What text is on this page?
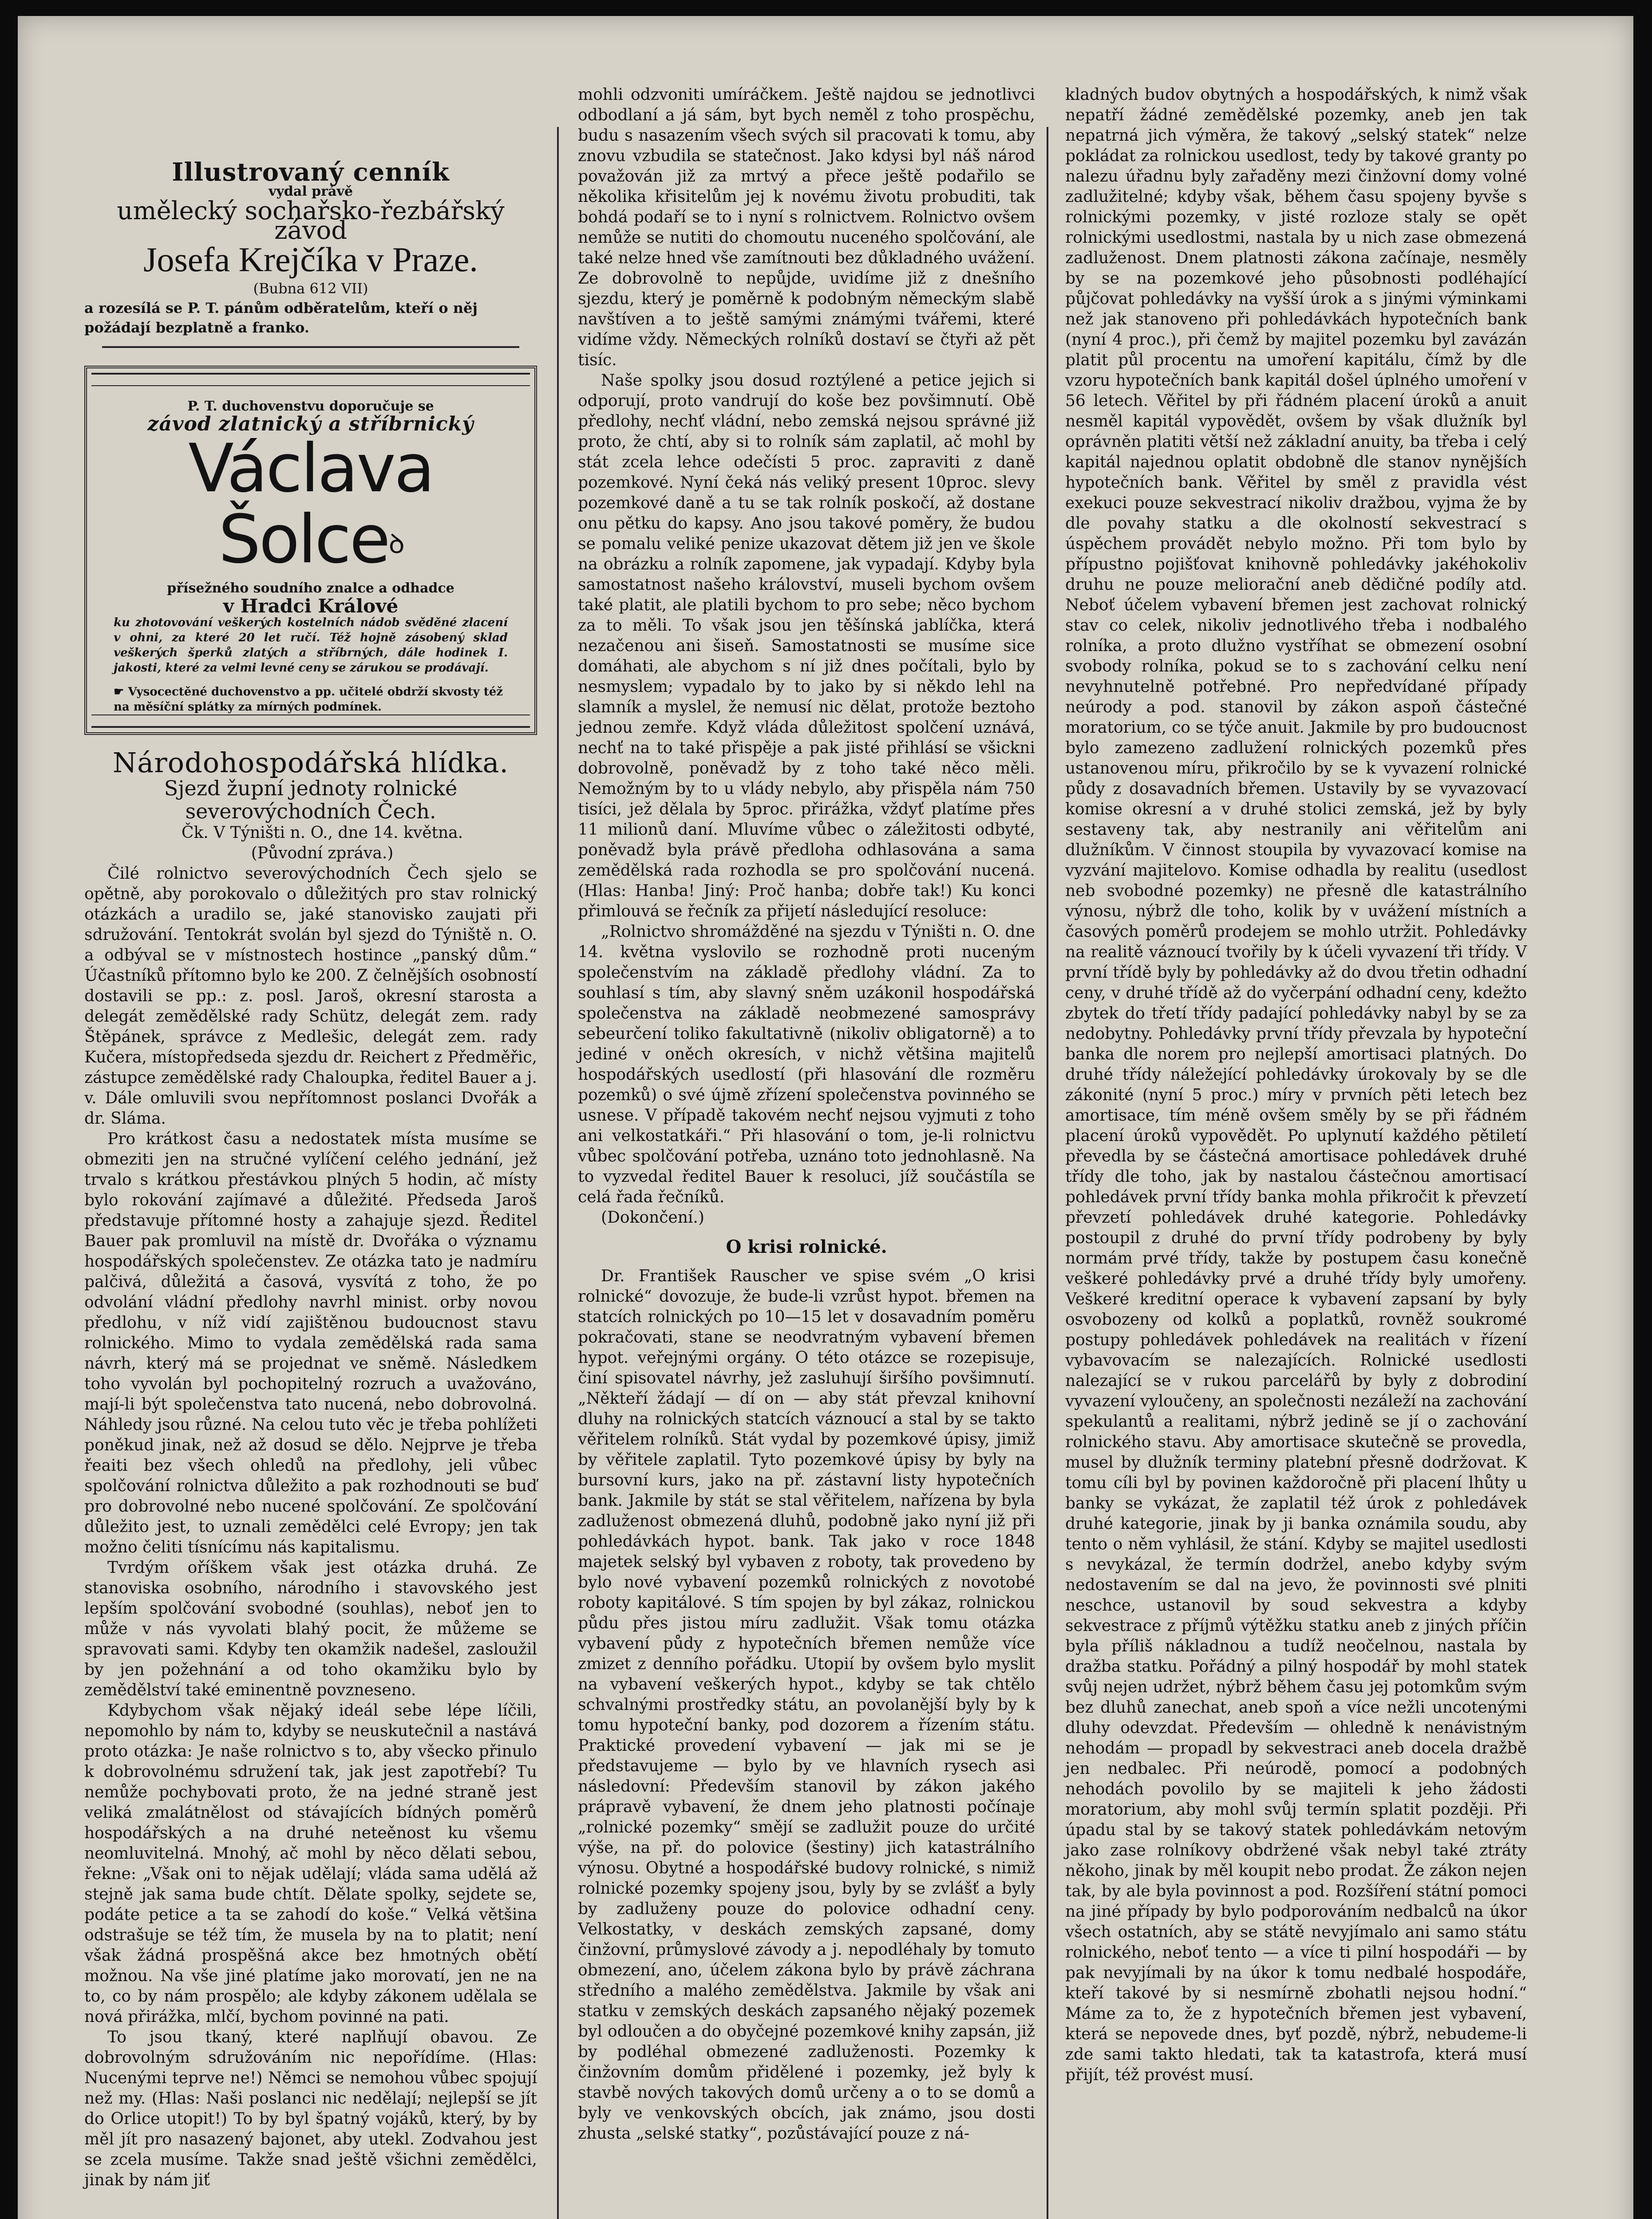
Illustrovaný cenník
vydal právě
umělecký sochařsko-řezbářský závod
Josefa Krejčíka v Praze.
(Bubna 612 VII)
a rozesílá se P. T. pánům odběratelům, kteří o něj požádají bezplatně a franko.
P. T. duchovenstvu doporučuje se
závod zlatnický a stříbrnický
Václava Šolceꝺ
přísežného soudního znalce a odhadce
v Hradci Králové
ku zhotovování veškerých kostelních nádob svěděné zlacení v ohni, za které 20 let ručí. Též hojně zásobený sklad veškerých šperků zlatých a stříbrných, dále hodinek I. jakosti, které za velmi levné ceny se zárukou se prodávají.
☛ Vysocectěné duchovenstvo a pp. učitelé obdrží skvosty též na měsíční splátky za mírných podmínek.
Národohospodářská hlídka.
Sjezd župní jednoty rolnické severovýchodních Čech.

Čk. V Týništi n. O., dne 14. května.

(Původní zpráva.)

Čilé rolnictvo severovýchodních Čech sjelo se opětně, aby porokovalo o důležitých pro stav rolnický otázkách a uradilo se, jaké stanovisko zaujati při sdružování. Tentokrát svolán byl sjezd do Týniště n. O. a odbýval se v místnostech hostince „panský dům.“ Účastníků přítomno bylo ke 200. Z čelnějších osobností dostavili se pp.: z. posl. Jaroš, okresní starosta a delegát zemědělské rady Schütz, delegát zem. rady Štěpánek, správce z Medlešic, delegát zem. rady Kučera, místopředseda sjezdu dr. Reichert z Předměřic, zástupce zemědělské rady Chaloupka, ředitel Bauer a j. v. Dále omluvili svou nepřítomnost poslanci Dvořák a dr. Sláma.

Pro krátkost času a nedostatek místa musíme se obmeziti jen na stručné vylíčení celého jednání, jež trvalo s krátkou přestávkou plných 5 hodin, ač místy bylo rokování zajímavé a důležité. Předseda Jaroš představuje přítomné hosty a zahajuje sjezd. Ředitel Bauer pak promluvil na místě dr. Dvořáka o významu hospodářských společenstev. Ze otázka tato je nadmíru palčivá, důležitá a časová, vysvítá z toho, že po odvolání vládní předlohy navrhl minist. orby novou předlohu, v níž vidí zajištěnou budoucnost stavu rolnického. Mimo to vydala zemědělská rada sama návrh, který má se projednat ve sněmě. Následkem toho vyvolán byl pochopitelný rozruch a uvažováno, mají-li být společenstva tato nucená, nebo dobrovolná. Náhledy jsou různé. Na celou tuto věc je třeba pohlížeti poněkud jinak, než až dosud se dělo. Nejprve je třeba řeaiti bez všech ohledů na předlohy, jeli vůbec spolčování rolnictva důležito a pak rozhodnouti se buď pro dobrovolné nebo nucené spolčování. Ze spolčování důležito jest, to uznali zemědělci celé Evropy; jen tak možno čeliti tísnícímu nás kapitalismu.

Tvrdým oříškem však jest otázka druhá. Ze stanoviska osobního, národního i stavovského jest lepším spolčování svobodné (souhlas), neboť jen to může v nás vyvolati blahý pocit, že můžeme se spravovati sami. Kdyby ten okamžik nadešel, zasloužil by jen požehnání a od toho okamžiku bylo by zemědělství také eminentně povzneseno.

Kdybychom však nějaký ideál sebe lépe líčili, nepomohlo by nám to, kdyby se neuskutečnil a nastává proto otázka: Je naše rolnictvo s to, aby všecko přinulo k dobrovolnému sdružení tak, jak jest zapotřebí? Tu nemůže pochybovati proto, že na jedné straně jest veliká zmalátnělost od stávajících bídných poměrů hospodářských a na druhé neteěnost ku všemu neomluvitelná. Mnohý, ač mohl by něco dělati sebou, řekne: „Však oni to nějak udělají; vláda sama udělá až stejně jak sama bude chtít. Dělate spolky, sejdete se, podáte petice a ta se zahodí do koše.“ Velká většina odstrašuje se též tím, že musela by na to platit; není však žádná prospěšná akce bez hmotných obětí možnou. Na vše jiné platíme jako morovatí, jen ne na to, co by nám prospělo; ale kdyby zákonem udělala se nová přirážka, mlčí, bychom povinné na pati.

To jsou tkaný, které naplňují obavou. Ze dobrovolným sdružováním nic nepořídíme. (Hlas: Nucenými teprve ne!) Němci se nemohou vůbec spojují než my. (Hlas: Naši poslanci nic nedělají; nejlepší se jít do Orlice utopit!) To by byl špatný vojáků, který, by by měl jít pro nasazený bajonet, aby utekl. Zodvahou jest se zcela musíme. Takže snad ještě všichni zemědělci, jinak by nám jiť

mohli odzvoniti umíráčkem. Ještě najdou se jednotlivci odbodlaní a já sám, byt bych neměl z toho prospěchu, budu s nasazením všech svých sil pracovati k tomu, aby znovu vzbudila se statečnost. Jako kdysi byl náš národ považován již za mrtvý a přece ještě podařilo se několika křisitelům jej k novému životu probuditi, tak bohdá podaří se to i nyní s rolnictvem. Rolnictvo ovšem nemůže se nutiti do chomoutu nuceného spolčování, ale také nelze hned vše zamítnouti bez důkladného uvážení. Ze dobrovolně to nepůjde, uvidíme již z dnešního sjezdu, který je poměrně k podobným německým slabě navštíven a to ještě samými známými tvářemi, které vidíme vždy. Německých rolníků dostaví se čtyři až pět tisíc.

Naše spolky jsou dosud roztýlené a petice jejich si odporují, proto vandrují do koše bez povšimnutí. Obě předlohy, nechť vládní, nebo zemská nejsou správné již proto, že chtí, aby si to rolník sám zaplatil, ač mohl by stát zcela lehce odečísti 5 proc. zapraviti z daně pozemkové. Nyní čeká nás veliký present 10proc. slevy pozemkové daně a tu se tak rolník poskočí, až dostane onu pětku do kapsy. Ano jsou takové poměry, že budou se pomalu veliké penize ukazovat dětem již jen ve škole na obrázku a rolník zapomene, jak vypadají. Kdyby byla samostatnost našeho království, museli bychom ovšem také platit, ale platili bychom to pro sebe; něco bychom za to měli. To však jsou jen těšínská jablíčka, která nezačenou ani šiseň. Samostatnosti se musíme sice domáhati, ale abychom s ní již dnes počítali, bylo by nesmyslem; vypadalo by to jako by si někdo lehl na slamník a myslel, že nemusí nic dělat, protože beztoho jednou zemře. Když vláda důležitost spolčení uznává, nechť na to také přispěje a pak jisté přihlásí se všickni dobrovolně, poněvadž by z toho také něco měli. Nemožným by to u vlády nebylo, aby přispěla nám 750 tisíci, jež dělala by 5proc. přirážka, vždyť platíme přes 11 milionů daní. Mluvíme vůbec o záležitosti odbyté, poněvadž byla právě předloha odhlasována a sama zemědělská rada rozhodla se pro spolčování nucená. (Hlas: Hanba! Jiný: Proč hanba; dobře tak!) Ku konci přimlouvá se řečník za přijetí následující resoluce:

„Rolnictvo shromážděné na sjezdu v Týništi n. O. dne 14. května vyslovilo se rozhodně proti nuceným společenstvím na základě předlohy vládní. Za to souhlasí s tím, aby slavný sněm uzákonil hospodářská společenstva na základě neobmezené samosprávy sebeurčení toliko fakultativně (nikoliv obligatorně) a to jediné v oněch okresích, v nichž většina majitelů hospodářských usedlostí (při hlasování dle rozměru pozemků) o své újmě zřízení společenstva povinného se usnese. V případě takovém nechť nejsou vyjmuti z toho ani velkostatkáři.“ Při hlasování o tom, je-li rolnictvu vůbec spolčování potřeba, uznáno toto jednohlasně. Na to vyzvedal ředitel Bauer k resoluci, jíž součástíla se celá řada řečníků.

(Dokončení.)

O krisi rolnické.

Dr. František Rauscher ve spise svém „O krisi rolnické“ dovozuje, že bude-li vzrůst hypot. břemen na statcích rolnických po 10—15 let v dosavadním poměru pokračovati, stane se neodvratným vybavení břemen hypot. veřejnými orgány. O této otázce se rozepisuje, činí spisovatel návrhy, jež zasluhují širšího povšimnutí. „Někteří žádají — dí on — aby stát převzal knihovní dluhy na rolnických statcích váznoucí a stal by se takto věřitelem rolníků. Stát vydal by pozemkové úpisy, jimiž by věřitele zaplatil. Tyto pozemkové úpisy by byly na bursovní kurs, jako na př. zástavní listy hypotečních bank. Jakmile by stát se stal věřitelem, nařízena by byla zadluženost obmezená dluhů, podobně jako nyní již při pohledávkách hypot. bank. Tak jako v roce 1848 majetek selský byl vybaven z roboty, tak provedeno by bylo nové vybavení pozemků rolnických z novotobé roboty kapitálové. S tím spojen by byl zákaz, rolnickou půdu přes jistou míru zadlužit. Však tomu otázka vybavení půdy z hypotečních břemen nemůže více zmizet z denního pořádku. Utopií by ovšem bylo myslit na vybavení veškerých hypot., kdyby se tak chtělo schvalnými prostředky státu, an povolanější byly by k tomu hypoteční banky, pod dozorem a řízením státu. Praktické provedení vybavení — jak mi se je představujeme — bylo by ve hlavních rysech asi následovní: Především stanovil by zákon jakého prápravě vybavení, že dnem jeho platnosti počínaje „rolnické pozemky“ smějí se zadlužit pouze do určité výše, na př. do polovice (šestiny) jich katastrálního výnosu. Obytné a hospodářské budovy rolnické, s nimiž rolnické pozemky spojeny jsou, byly by se zvlášť a byly by zadluženy pouze do polovice odhadní ceny. Velkostatky, v deskách zemských zapsané, domy činžovní, průmyslové závody a j. nepodléhaly by tomuto obmezení, ano, účelem zákona bylo by právě záchrana středního a malého zemědělstva. Jakmile by však ani statku v zemských deskách zapsaného nějaký pozemek byl odloučen a do obyčejné pozemkové knihy zapsán, již by podléhal obmezené zadluženosti. Pozemky k činžovním domům přidělené i pozemky, jež byly k stavbě nových takových domů určeny a o to se domů a byly ve venkovských obcích, jak známo, jsou dosti zhusta „selské statky“, pozůstávající pouze z ná-

kladných budov obytných a hospodářských, k nimž však nepatří žádné zemědělské pozemky, aneb jen tak nepatrná jich výměra, že takový „selský statek“ nelze pokládat za rolnickou usedlost, tedy by takové granty po nalezu úřadnu byly zařaděny mezi činžovní domy volné zadlužitelné; kdyby však, během času spojeny byvše s rolnickými pozemky, v jisté rozloze staly se opět rolnickými usedlostmi, nastala by u nich zase obmezená zadluženost. Dnem platnosti zákona začínaje, nesměly by se na pozemkové jeho působnosti podléhající půjčovat pohledávky na vyšší úrok a s jinými výminkami než jak stanoveno při pohledávkách hypotečních bank (nyní 4 proc.), při čemž by majitel pozemku byl zavázán platit půl procentu na umoření kapitálu, čímž by dle vzoru hypotečních bank kapitál došel úplného umoření v 56 letech. Věřitel by při řádném placení úroků a anuit nesměl kapitál vypovědět, ovšem by však dlužník byl oprávněn platiti větší než základní anuity, ba třeba i celý kapitál najednou oplatit obdobně dle stanov nynějších hypotečních bank. Věřitel by směl z pravidla vést exekuci pouze sekvestrací nikoliv dražbou, vyjma že by dle povahy statku a dle okolností sekvestrací s úspěchem provádět nebylo možno. Při tom bylo by přípustno pojišťovat knihovně pohledávky jakéhokoliv druhu ne pouze meliorační aneb dědičné podíly atd. Neboť účelem vybavení břemen jest zachovat rolnický stav co celek, nikoliv jednotlivého třeba i nodbalého rolníka, a proto dlužno vystříhat se obmezení osobní svobody rolníka, pokud se to s zachování celku není nevyhnutelně potřebné. Pro nepředvídané případy neúrody a pod. stanovil by zákon aspoň částečné moratorium, co se týče anuit. Jakmile by pro budoucnost bylo zamezeno zadlužení rolnických pozemků přes ustanovenou míru, přikročilo by se k vyvazení rolnické půdy z dosavadních břemen. Ustavily by se vyvazovací komise okresní a v druhé stolici zemská, jež by byly sestaveny tak, aby nestranily ani věřitelům ani dlužníkům. V činnost stoupila by vyvazovací komise na vyzvání majitelovo. Komise odhadla by realitu (usedlost neb svobodné pozemky) ne přesně dle katastrálního výnosu, nýbrž dle toho, kolik by v uvážení místních a časových poměrů prodejem se mohlo utržit. Pohledávky na realitě váznoucí tvořily by k účeli vyvazení tři třídy. V první třídě byly by pohledávky až do dvou třetin odhadní ceny, v druhé třídě až do vyčerpání odhadní ceny, kdežto zbytek do třetí třídy padající pohledávky nabyl by se za nedobytny. Pohledávky první třídy převzala by hypoteční banka dle norem pro nejlepší amortisaci platných. Do druhé třídy náležející pohledávky úrokovaly by se dle zákonité (nyní 5 proc.) míry v prvních pěti letech bez amortisace, tím méně ovšem směly by se při řádném placení úroků vypovědět. Po uplynutí každého pětiletí převedla by se částečná amortisace pohledávek druhé třídy dle toho, jak by nastalou částečnou amortisací pohledávek první třídy banka mohla přikročit k převzetí převzetí pohledávek druhé kategorie. Pohledávky postoupil z druhé do první třídy podrobeny by byly normám prvé třídy, takže by postupem času konečně veškeré pohledávky prvé a druhé třídy byly umořeny. Veškeré kreditní operace k vybavení zapsaní by byly osvobozeny od kolků a poplatků, rovněž soukromé postupy pohledávek pohledávek na realitách v řízení vybavovacím se nalezajících. Rolnické usedlosti nalezající se v rukou parcelářů by byly z dobrodiní vyvazení vyloučeny, an společnosti nezáleží na zachování spekulantů a realitami, nýbrž jedině se jí o zachování rolnického stavu. Aby amortisace skutečně se provedla, musel by dlužník terminy platební přesně dodržovat. K tomu cíli byl by povinen každoročně při placení lhůty u banky se vykázat, že zaplatil též úrok z pohledávek druhé kategorie, jinak by ji banka oznámila soudu, aby tento o něm vyhlásil, že stání. Kdyby se majitel usedlosti s nevykázal, že termín dodržel, anebo kdyby svým nedostavením se dal na jevo, že povinnosti své plniti neschce, ustanovil by soud sekvestra a kdyby sekvestrace z příjmů výtěžku statku aneb z jiných příčin byla příliš nákladnou a tudíž neočelnou, nastala by dražba statku. Pořádný a pilný hospodář by mohl statek svůj nejen udržet, nýbrž během času jej potomkům svým bez dluhů zanechat, aneb spoň a více nežli uncotenými dluhy odevzdat. Především — ohledně k nenávistným nehodám — propadl by sekvestraci aneb docela dražbě jen nedbalec. Při neúrodě, pomocí a podobných nehodách povolilo by se majiteli k jeho žádosti moratorium, aby mohl svůj termín splatit později. Při úpadu stal by se takový statek pohledávkám netovým jako zase rolníkovy obdržené však nebyl také ztráty někoho, jinak by měl koupit nebo prodat. Že zákon nejen tak, by ale byla povinnost a pod. Rozšíření státní pomoci na jiné případy by bylo podporováním nedbalců na úkor všech ostatních, aby se státě nevyjímalo ani samo státu rolnického, neboť tento — a více ti pilní hospodáři — by pak nevyjímali by na úkor k tomu nedbalé hospodáře, kteří takové by si nesmírně zbohatli nejsou hodní.“ Máme za to, že z hypotečních břemen jest vybavení, která se nepovede dnes, byť pozdě, nýbrž, nebudeme-li zde sami takto hledati, tak ta katastrofa, která musí přijít, též provést musí.
